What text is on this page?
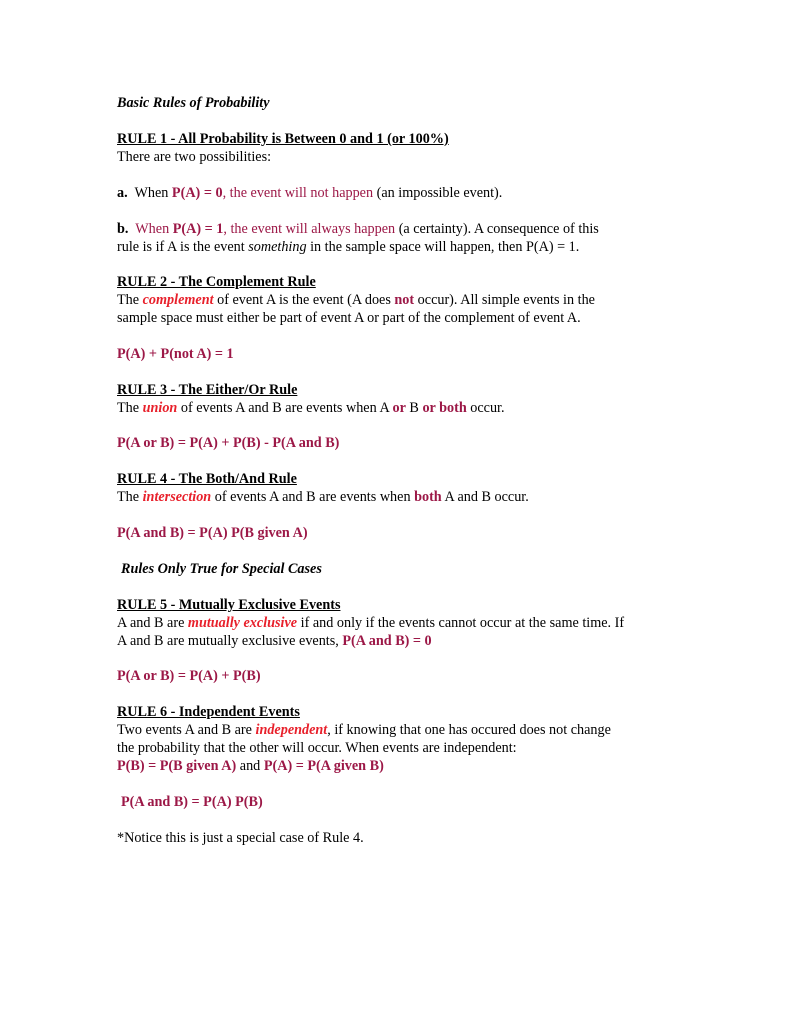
Basic Rules of Probability
RULE 1 - All Probability is Between 0 and 1 (or 100%)
There are two possibilities:
a. When P(A) = 0, the event will not happen (an impossible event).
b. When P(A) = 1, the event will always happen (a certainty). A consequence of this
rule is if A is the event something in the sample space will happen, then P(A) = 1.
RULE 2 - The Complement Rule
The complement of event A is the event (A does not occur). All simple events in the
sample space must either be part of event A or part of the complement of event A.
P(A) + P(not A) = 1
RULE 3 - The Either/Or Rule
The union of events A and B are events when A or B or both occur.
P(A or B) = P(A) + P(B) - P(A and B)
RULE 4 - The Both/And Rule
The intersection of events A and B are events when both A and B occur.
P(A and B) = P(A) P(B given A)
Rules Only True for Special Cases
RULE 5 - Mutually Exclusive Events
A and B are mutually exclusive if and only if the events cannot occur at the same time. If
A and B are mutually exclusive events, P(A and B) = 0
P(A or B) = P(A) + P(B)
RULE 6 - Independent Events
Two events A and B are independent, if knowing that one has occured does not change
the probability that the other will occur. When events are independent:
P(B) = P(B given A) and P(A) = P(A given B)
P(A and B) = P(A) P(B)
*Notice this is just a special case of Rule 4.
